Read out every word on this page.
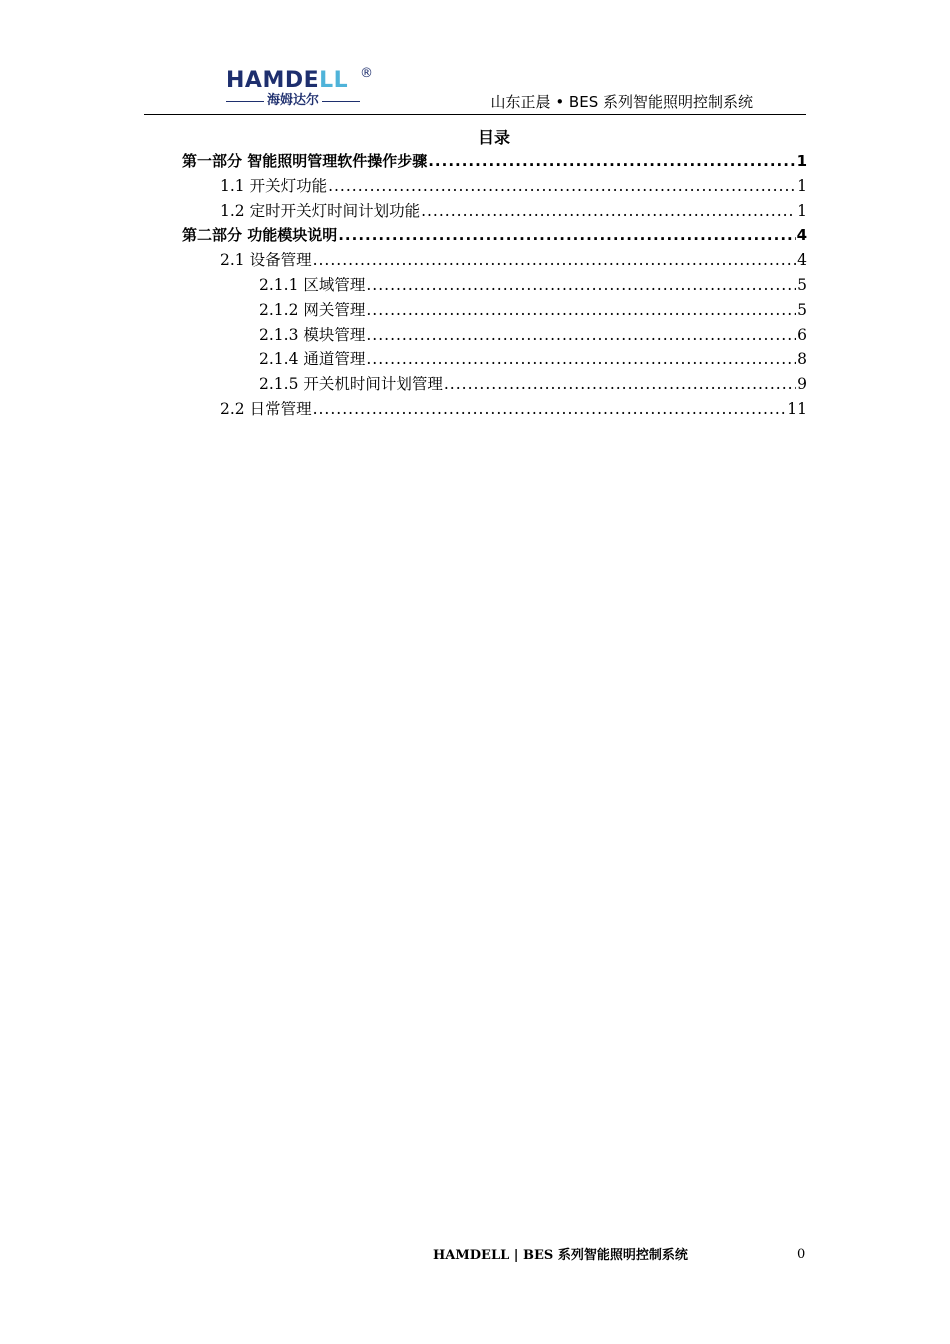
HAMDELL ®
海姆达尔	山东正晨 • BES 系列智能照明控制系统
目录
第一部分 智能照明管理软件操作步骤 .....	1
1.1 开关灯功能 .....	1
1.2 定时开关灯时间计划功能 .....	1
第二部分 功能模块说明 .....	4
2.1 设备管理 .....	4
2.1.1 区域管理 .....	5
2.1.2 网关管理 .....	5
2.1.3 模块管理 .....	6
2.1.4 通道管理 .....	8
2.1.5 开关机时间计划管理 .....	9
2.2 日常管理 .....	11
HAMDELL | BES 系列智能照明控制系统	0
